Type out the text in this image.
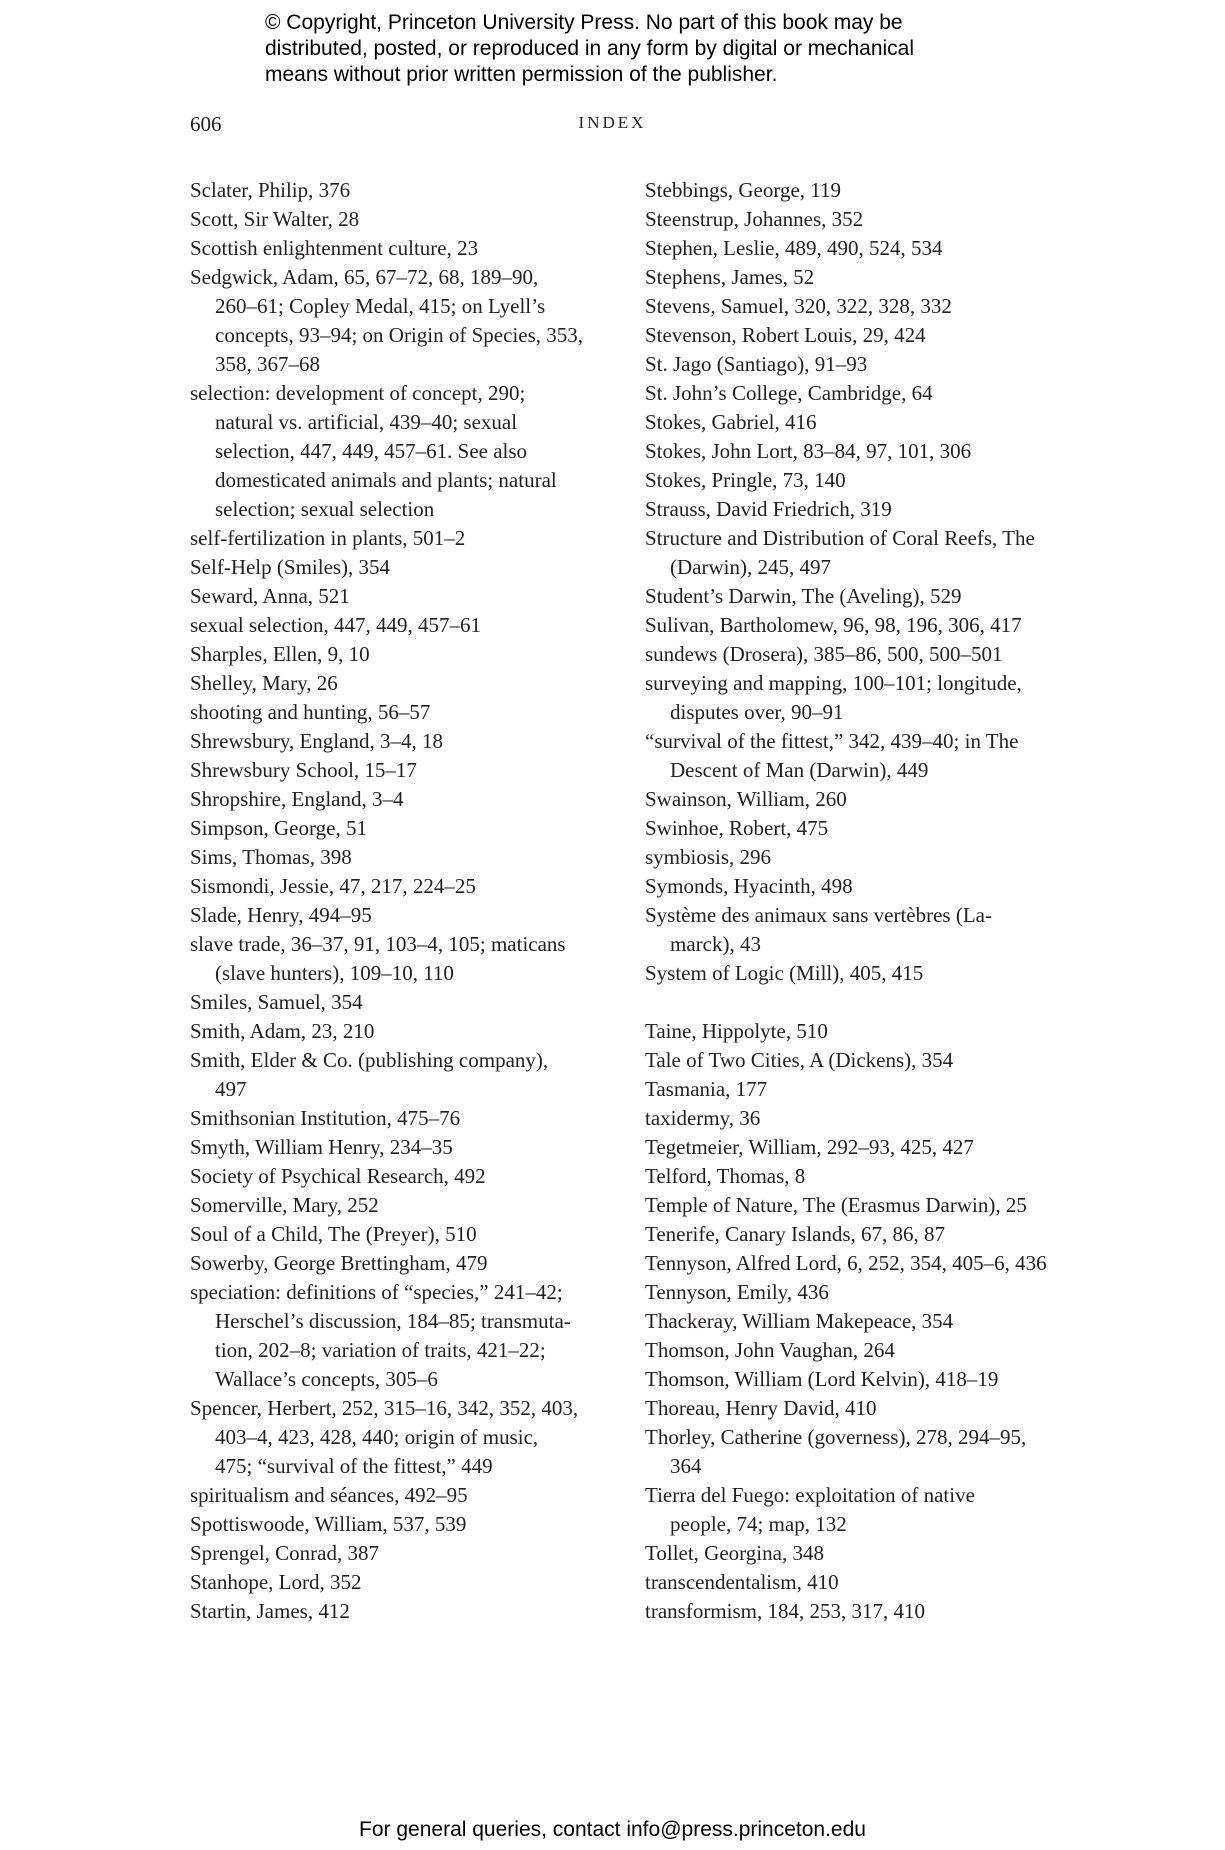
© Copyright, Princeton University Press. No part of this book may be
distributed, posted, or reproduced in any form by digital or mechanical
means without prior written permission of the publisher.
606	INDEX
Sclater, Philip, 376
Scott, Sir Walter, 28
Scottish enlightenment culture, 23
Sedgwick, Adam, 65, 67–72, 68, 189–90,
260–61; Copley Medal, 415; on Lyell’s
concepts, 93–94; on Origin of Species, 353,
358, 367–68
selection: development of concept, 290;
natural vs. artificial, 439–40; sexual
selection, 447, 449, 457–61. See also
domesticated animals and plants; natural
selection; sexual selection
self-fertilization in plants, 501–2
Self-Help (Smiles), 354
Seward, Anna, 521
sexual selection, 447, 449, 457–61
Sharples, Ellen, 9, 10
Shelley, Mary, 26
shooting and hunting, 56–57
Shrewsbury, England, 3–4, 18
Shrewsbury School, 15–17
Shropshire, England, 3–4
Simpson, George, 51
Sims, Thomas, 398
Sismondi, Jessie, 47, 217, 224–25
Slade, Henry, 494–95
slave trade, 36–37, 91, 103–4, 105; maticans
(slave hunters), 109–10, 110
Smiles, Samuel, 354
Smith, Adam, 23, 210
Smith, Elder & Co. (publishing company),
497
Smithsonian Institution, 475–76
Smyth, William Henry, 234–35
Society of Psychical Research, 492
Somerville, Mary, 252
Soul of a Child, The (Preyer), 510
Sowerby, George Brettingham, 479
speciation: definitions of “species,” 241–42;
Herschel’s discussion, 184–85; transmuta-
tion, 202–8; variation of traits, 421–22;
Wallace’s concepts, 305–6
Spencer, Herbert, 252, 315–16, 342, 352, 403,
403–4, 423, 428, 440; origin of music,
475; “survival of the fittest,” 449
spiritualism and séances, 492–95
Spottiswoode, William, 537, 539
Sprengel, Conrad, 387
Stanhope, Lord, 352
Startin, James, 412
Stebbings, George, 119
Steenstrup, Johannes, 352
Stephen, Leslie, 489, 490, 524, 534
Stephens, James, 52
Stevens, Samuel, 320, 322, 328, 332
Stevenson, Robert Louis, 29, 424
St. Jago (Santiago), 91–93
St. John’s College, Cambridge, 64
Stokes, Gabriel, 416
Stokes, John Lort, 83–84, 97, 101, 306
Stokes, Pringle, 73, 140
Strauss, David Friedrich, 319
Structure and Distribution of Coral Reefs, The
(Darwin), 245, 497
Student’s Darwin, The (Aveling), 529
Sulivan, Bartholomew, 96, 98, 196, 306, 417
sundews (Drosera), 385–86, 500, 500–501
surveying and mapping, 100–101; longitude,
disputes over, 90–91
“survival of the fittest,” 342, 439–40; in The
Descent of Man (Darwin), 449
Swainson, William, 260
Swinhoe, Robert, 475
symbiosis, 296
Symonds, Hyacinth, 498
Système des animaux sans vertèbres (La-
marck), 43
System of Logic (Mill), 405, 415
Taine, Hippolyte, 510
Tale of Two Cities, A (Dickens), 354
Tasmania, 177
taxidermy, 36
Tegetmeier, William, 292–93, 425, 427
Telford, Thomas, 8
Temple of Nature, The (Erasmus Darwin), 25
Tenerife, Canary Islands, 67, 86, 87
Tennyson, Alfred Lord, 6, 252, 354, 405–6, 436
Tennyson, Emily, 436
Thackeray, William Makepeace, 354
Thomson, John Vaughan, 264
Thomson, William (Lord Kelvin), 418–19
Thoreau, Henry David, 410
Thorley, Catherine (governess), 278, 294–95,
364
Tierra del Fuego: exploitation of native
people, 74; map, 132
Tollet, Georgina, 348
transcendentalism, 410
transformism, 184, 253, 317, 410
For general queries, contact info@press.princeton.edu
